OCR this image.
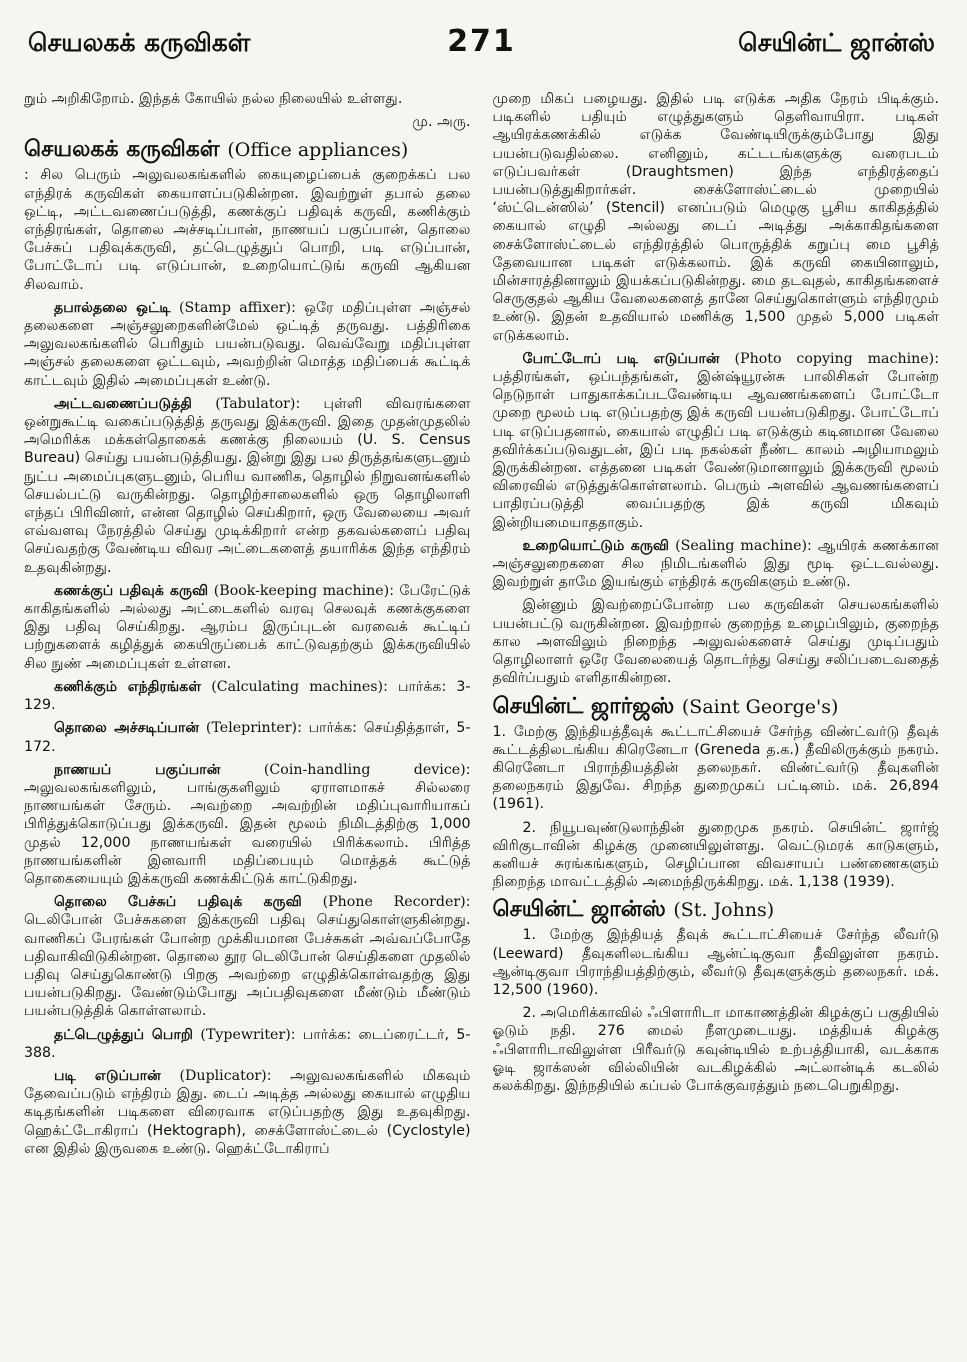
செயலகக் கருவிகள்	271	செயின்ட் ஜான்ஸ்

றும் அறிகிறோம். இந்தக் கோயில் நல்ல நிலையில் உள்ளது.

மு. அரு.

செயலகக் கருவிகள் (Office appliances)

: சில பெரும் அலுவலகங்களில் கையுழைப்பைக் குறைக்கப் பல எந்திரக் கருவிகள் கையாளப்படுகின்றன. இவற்றுள் தபால் தலை ஒட்டி, அட்டவணைப்படுத்தி, கணக்குப் பதிவுக் கருவி, கணிக்கும் எந்திரங்கள், தொலை அச்சடிப்பான், நாணயப் பகுப்பான், தொலை பேச்சுப் பதிவுக்கருவி, தட்டெழுத்துப் பொறி, படி எடுப்பான், போட்டோப் படி எடுப்பான், உறையொட்டுங் கருவி ஆகியன சிலவாம்.

தபால்தலை ஒட்டி (Stamp affixer): ஒரே மதிப்புள்ள அஞ்சல் தலைகளை அஞ்சலுறைகளின்மேல் ஒட்டித் தருவது. பத்திரிகை அலுவலகங்களில் பெரிதும் பயன்படுவது. வெவ்வேறு மதிப்புள்ள அஞ்சல் தலைகளை ஒட்டவும், அவற்றின் மொத்த மதிப்பைக் கூட்டிக் காட்டவும் இதில் அமைப்புகள் உண்டு.

அட்டவணைப்படுத்தி (Tabulator): புள்ளி விவரங்களை ஒன்றுகூட்டி வகைப்படுத்தித் தருவது இக்கருவி. இதை முதன்முதலில் அமெரிக்க மக்கள்தொகைக் கணக்கு நிலையம் (U. S. Census Bureau) செய்து பயன்படுத்தியது. இன்று இது பல திருத்தங்களுடனும் நுட்ப அமைப்புகளுடனும், பெரிய வாணிக, தொழில் நிறுவனங்களில் செயல்பட்டு வருகின்றது. தொழிற்சாலைகளில் ஒரு தொழிலாளி எந்தப் பிரிவினர், என்ன தொழில் செய்கிறார், ஒரு வேலையை அவர் எவ்வளவு நேரத்தில் செய்து முடிக்கிறார் என்ற தகவல்களைப் பதிவு செய்வதற்கு வேண்டிய விவர அட்டைகளைத் தயாரிக்க இந்த எந்திரம் உதவுகின்றது.

கணக்குப் பதிவுக் கருவி (Book-keeping machine): பேரேட்டுக் காகிதங்களில் அல்லது அட்டைகளில் வரவு செலவுக் கணக்குகளை இது பதிவு செய்கிறது. ஆரம்ப இருப்புடன் வரவைக் கூட்டிப் பற்றுகளைக் கழித்துக் கையிருப்பைக் காட்டுவதற்கும் இக்கருவியில் சில நுண் அமைப்புகள் உள்ளன.

கணிக்கும் எந்திரங்கள் (Calculating machines): பார்க்க: 3-129.

தொலை அச்சடிப்பான் (Teleprinter): பார்க்க: செய்தித்தாள், 5-172.

நாணயப் பகுப்பான்	(Coin-handling device): அலுவலகங்களிலும், பாங்குகளிலும் ஏராளமாகச் சில்லரை நாணயங்கள் சேரும். அவற்றை அவற்றின் மதிப்புவாரியாகப் பிரித்துக்கொடுப்பது இக்கருவி. இதன் மூலம் நிமிடத்திற்கு 1,000 முதல் 12,000 நாணயங்கள் வரையில் பிரிக்கலாம். பிரித்த நாணயங்களின் இனவாரி மதிப்பையும் மொத்தக் கூட்டுத் தொகையையும் இக்கருவி கணக்கிட்டுக் காட்டுகிறது.

தொலை பேச்சுப் பதிவுக் கருவி (Phone Recorder): டெலிபோன் பேச்சுகளை இக்கருவி பதிவு செய்துகொள்ளுகின்றது. வாணிகப் பேரங்கள் போன்ற முக்கியமான பேச்சுகள் அவ்வப்போதே பதிவாகிவிடுகின்றன. தொலை தூர டெலிபோன் செய்திகளை முதலில் பதிவு செய்துகொண்டு பிறகு அவற்றை எழுதிக்கொள்வதற்கு இது பயன்படுகிறது. வேண்டும்போது அப்பதிவுகளை மீண்டும் மீண்டும் பயன்படுத்திக் கொள்ளலாம்.

தட்டெழுத்துப் பொறி (Typewriter): பார்க்க: டைப்ரைட்டர், 5-388.

படி எடுப்பான் (Duplicator): அலுவலகங்களில் மிகவும் தேவைப்படும் எந்திரம் இது. டைப் அடித்த அல்லது கையால் எழுதிய கடிதங்களின் படிகளை விரைவாக எடுப்பதற்கு இது உதவுகிறது. ஹெக்ட்டோகிராப் (Hektograph), சைக்ளோஸ்ட்டைல் (Cyclostyle) என இதில் இருவகை உண்டு. ஹெக்ட்டோகிராப்

முறை மிகப் பழையது. இதில் படி எடுக்க அதிக நேரம் பிடிக்கும். படிகளில் பதியும் எழுத்துகளும் தெளிவாயிரா. படிகள் ஆயிரக்கணக்கில் எடுக்க வேண்டியிருக்கும்போது இது பயன்படுவதில்லை. எனினும், கட்டடங்களுக்கு வரைபடம் எடுப்பவர்கள் (Draughtsmen) இந்த எந்திரத்தைப் பயன்படுத்துகிறார்கள். சைக்ளோஸ்ட்டைல் முறையில் ‘ஸ்ட்டென்ஸில்’ (Stencil) எனப்படும் மெழுகு பூசிய காகிதத்தில் கையால் எழுதி அல்லது டைப் அடித்து அக்காகிதங்களை சைக்ளோஸ்ட்டைல் எந்திரத்தில் பொருத்திக் கறுப்பு மை பூசித் தேவையான படிகள் எடுக்கலாம். இக் கருவி கையினாலும், மின்சாரத்தினாலும் இயக்கப்படுகின்றது. மை தடவுதல், காகிதங்களைச் செருகுதல் ஆகிய வேலைகளைத் தானே செய்துகொள்ளும் எந்திரமும் உண்டு. இதன் உதவியால் மணிக்கு 1,500 முதல் 5,000 படிகள் எடுக்கலாம்.

போட்டோப் படி எடுப்பான் (Photo copying machine): பத்திரங்கள், ஒப்பந்தங்கள், இன்ஷ்யூரன்சு பாலிசிகள் போன்ற நெடுநாள் பாதுகாக்கப்படவேண்டிய ஆவணங்களைப் போட்டோ முறை மூலம் படி எடுப்பதற்கு இக் கருவி பயன்படுகிறது. போட்டோப் படி எடுப்பதனால், கையால் எழுதிப் படி எடுக்கும் கடினமான வேலை தவிர்க்கப்படுவதுடன், இப் படி நகல்கள் நீண்ட காலம் அழியாமலும் இருக்கின்றன. எத்தனை படிகள் வேண்டுமானாலும் இக்கருவி மூலம் விரைவில் எடுத்துக்கொள்ளலாம். பெரும் அளவில் ஆவணங்களைப் பாதிரப்படுத்தி வைப்பதற்கு இக் கருவி மிகவும் இன்றியமையாததாகும்.

உறையொட்டும் கருவி (Sealing machine): ஆயிரக் கணக்கான அஞ்சலுறைகளை சில நிமிடங்களில் இது மூடி ஒட்டவல்லது. இவற்றுள் தாமே இயங்கும் எந்திரக் கருவிகளும் உண்டு.

இன்னும் இவற்றைப்போன்ற பல கருவிகள் செயலகங்களில் பயன்பட்டு வருகின்றன. இவற்றால் குறைந்த உழைப்பிலும், குறைந்த கால அளவிலும் நிறைந்த அலுவல்களைச் செய்து முடிப்பதும் தொழிலாளர் ஒரே வேலையைத் தொடர்ந்து செய்து சலிப்படைவதைத் தவிர்ப்பதும் எளிதாகின்றன.

செயின்ட் ஜார்ஜஸ் (Saint George's)

1. மேற்கு இந்தியத்தீவுக் கூட்டாட்சியைச் சேர்ந்த விண்ட்வர்டு தீவுக் கூட்டத்திலடங்கிய கிரெனேடா (Greneda த.க.) தீவிலிருக்கும் நகரம். கிரெனேடா பிராந்தியத்தின் தலைநகர். விண்ட்வர்டு தீவுகளின் தலைநகரம் இதுவே. சிறந்த துறைமுகப் பட்டினம். மக். 26,894 (1961).

2. நியூபவுண்டுலாந்தின் துறைமுக நகரம். செயின்ட் ஜார்ஜ் விரிகுடாவின் கிழக்கு முனையிலுள்ளது. வெட்டுமரக் காடுகளும், கனியச் சுரங்கங்களும், செழிப்பான விவசாயப் பண்ணைகளும் நிறைந்த மாவட்டத்தில் அமைந்திருக்கிறது. மக். 1,138 (1939).

செயின்ட் ஜான்ஸ் (St. Johns)

1. மேற்கு இந்தியத் தீவுக் கூட்டாட்சியைச் சேர்ந்த லீவர்டு (Leeward) தீவுகளிலடங்கிய ஆன்ட்டிகுவா தீவிலுள்ள நகரம். ஆன்டிகுவா பிராந்தியத்திற்கும், லீவர்டு தீவுகளுக்கும் தலைநகர். மக். 12,500 (1960).

2. அமெரிக்காவில் ஃபிளாரிடா மாகாணத்தின் கிழக்குப் பகுதியில் ஓடும் நதி. 276 மைல் நீளமுடையது. மத்தியக் கிழக்கு ஃபிளாரிடாவிலுள்ள பிரீவர்டு கவுன்டியில் உற்பத்தியாகி, வடக்காக ஓடி ஜாக்ஸன் வில்லியின் வடகிழக்கில் அட்லான்டிக் கடலில் கலக்கிறது. இந்நதியில் கப்பல் போக்குவரத்தும் நடைபெறுகிறது.
